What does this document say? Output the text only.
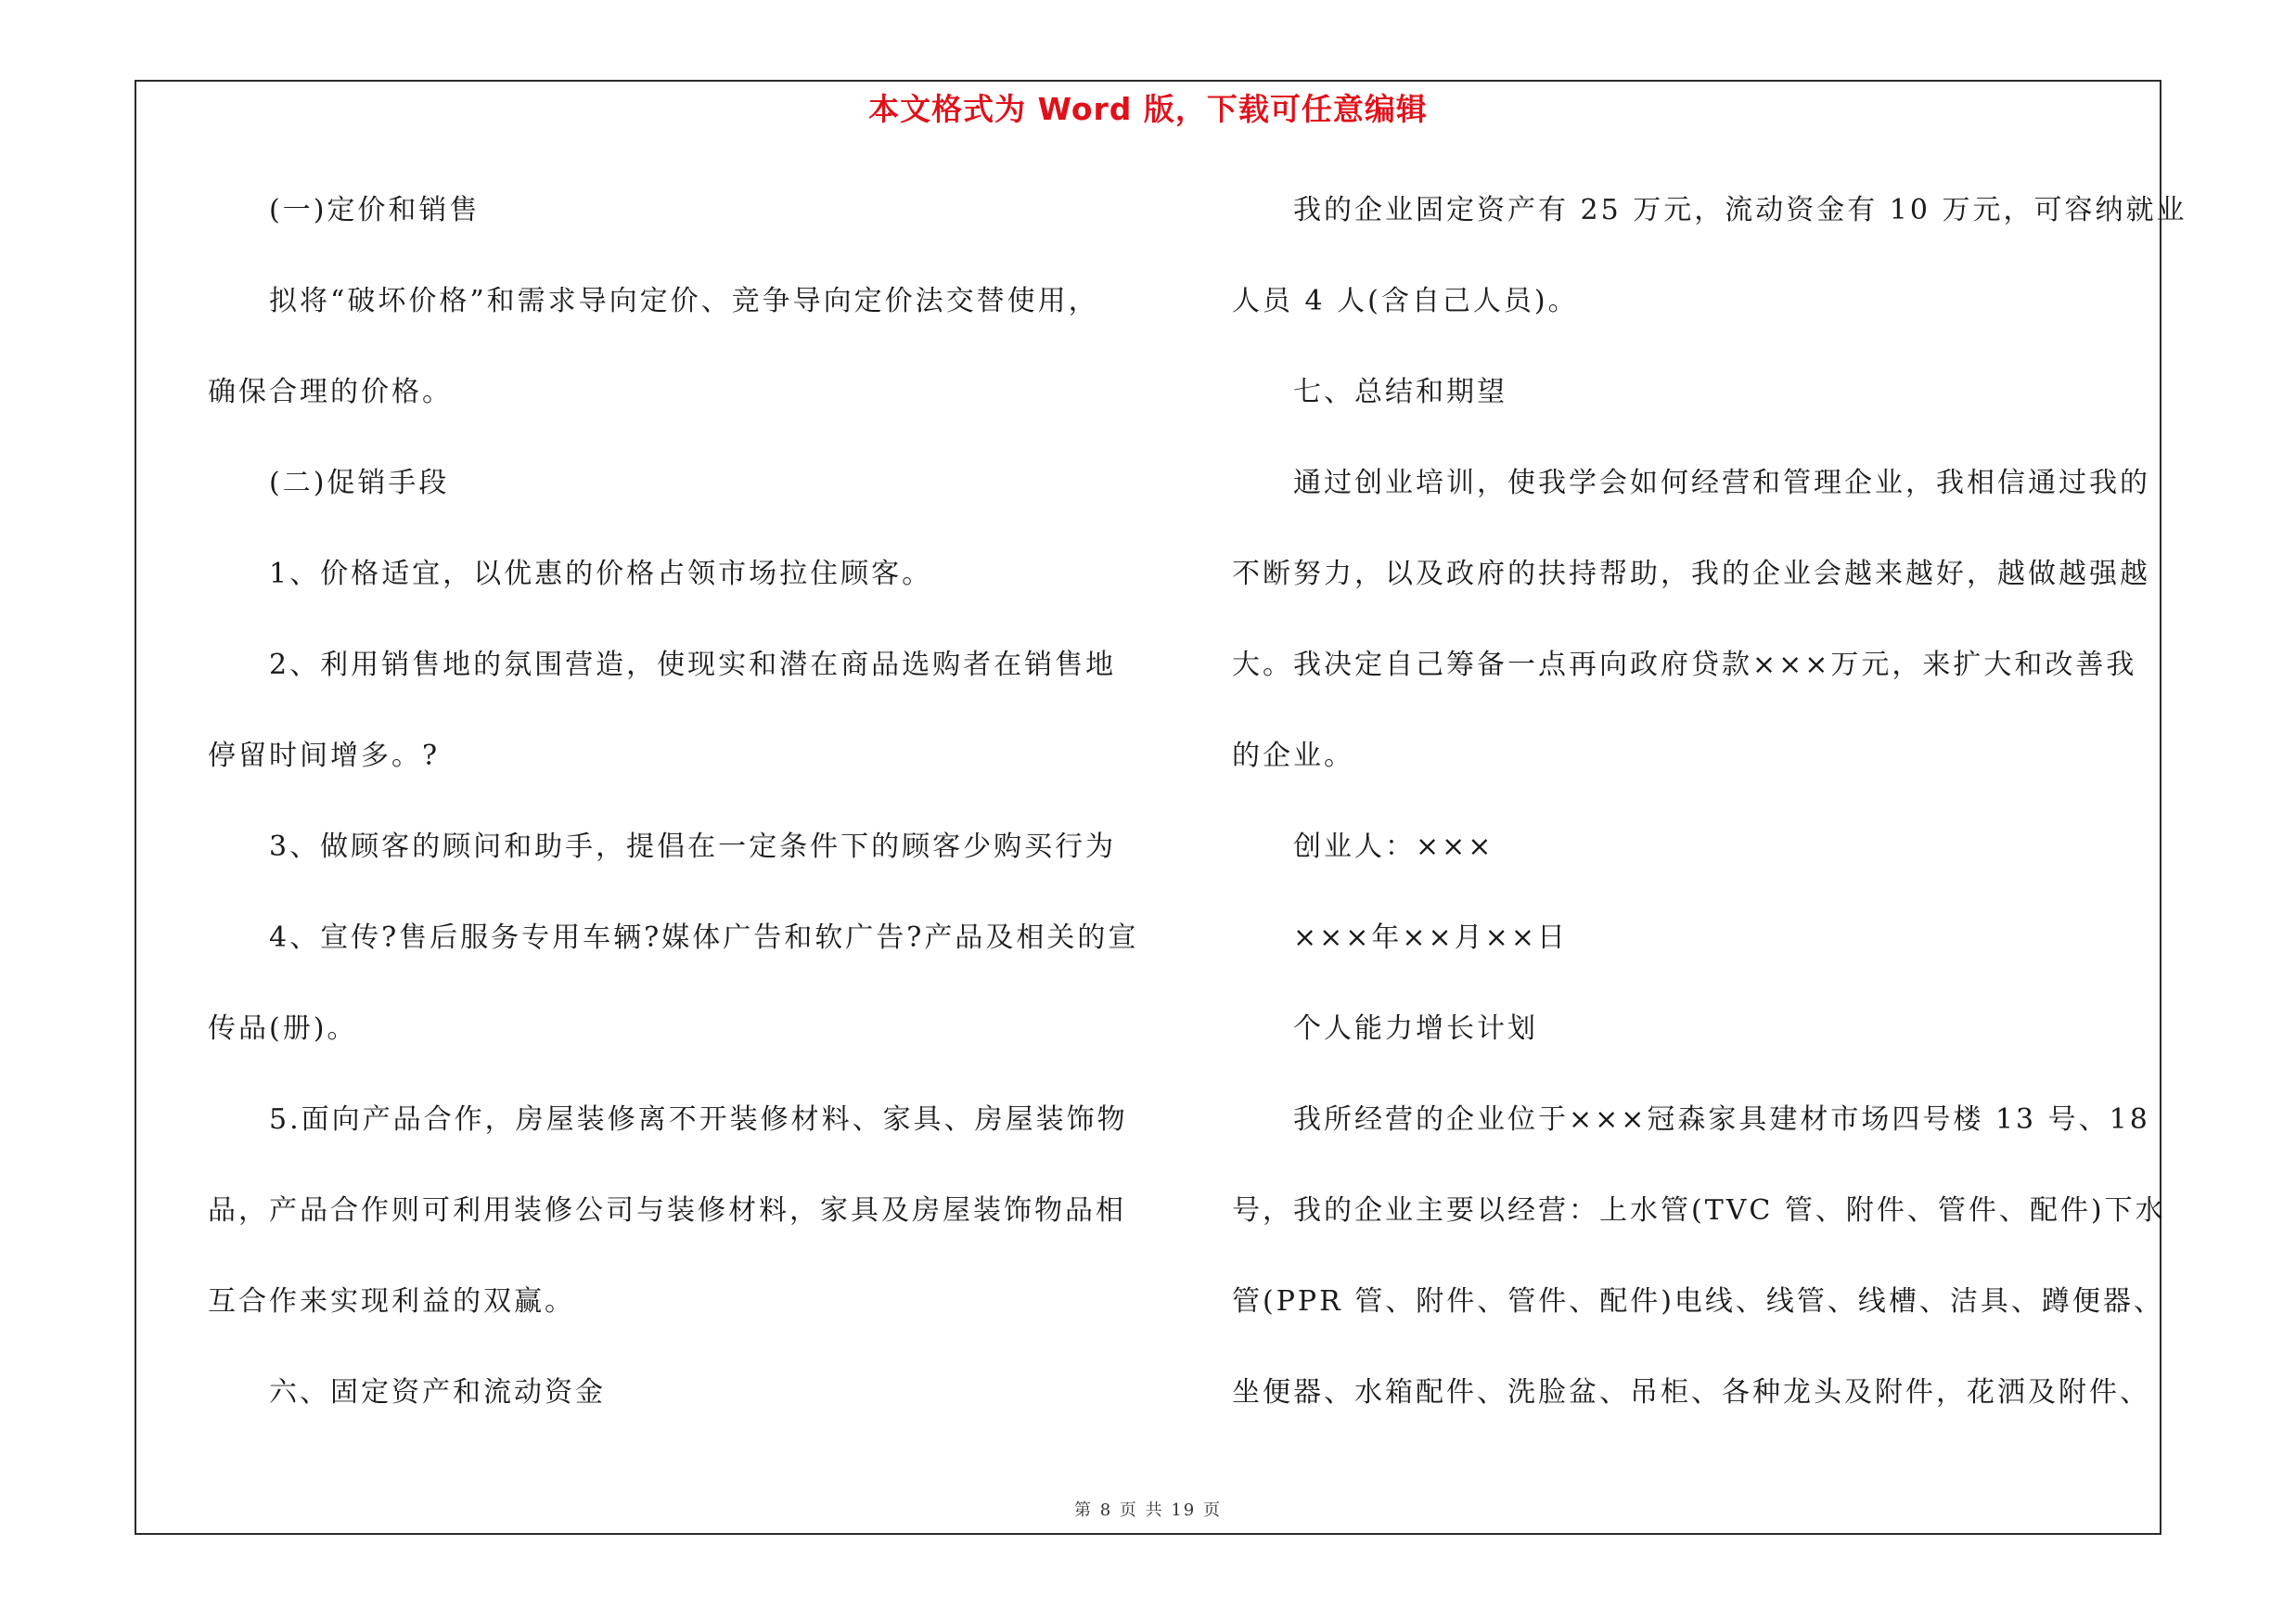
本文格式为 Word 版，下载可任意编辑
(一)定价和销售
拟将“破坏价格”和需求导向定价、竞争导向定价法交替使用，
确保合理的价格。
(二)促销手段
1、价格适宜，以优惠的价格占领市场拉住顾客。
2、利用销售地的氛围营造，使现实和潜在商品选购者在销售地
停留时间增多。?
3、做顾客的顾问和助手，提倡在一定条件下的顾客少购买行为
4、宣传?售后服务专用车辆?媒体广告和软广告?产品及相关的宣
传品(册)。
5.面向产品合作，房屋装修离不开装修材料、家具、房屋装饰物
品，产品合作则可利用装修公司与装修材料，家具及房屋装饰物品相
互合作来实现利益的双赢。
六、固定资产和流动资金
我的企业固定资产有 25 万元，流动资金有 10 万元，可容纳就业
人员 4 人(含自己人员)。
七、总结和期望
通过创业培训，使我学会如何经营和管理企业，我相信通过我的
不断努力，以及政府的扶持帮助，我的企业会越来越好，越做越强越
大。我决定自己筹备一点再向政府贷款×××万元，来扩大和改善我
的企业。
创业人：×××
×××年××月××日
个人能力增长计划
我所经营的企业位于×××冠森家具建材市场四号楼 13 号、18
号，我的企业主要以经营：上水管(TVC 管、附件、管件、配件)下水
管(PPR 管、附件、管件、配件)电线、线管、线槽、洁具、蹲便器、
坐便器、水箱配件、洗脸盆、吊柜、各种龙头及附件，花洒及附件、
第 8 页 共 19 页
